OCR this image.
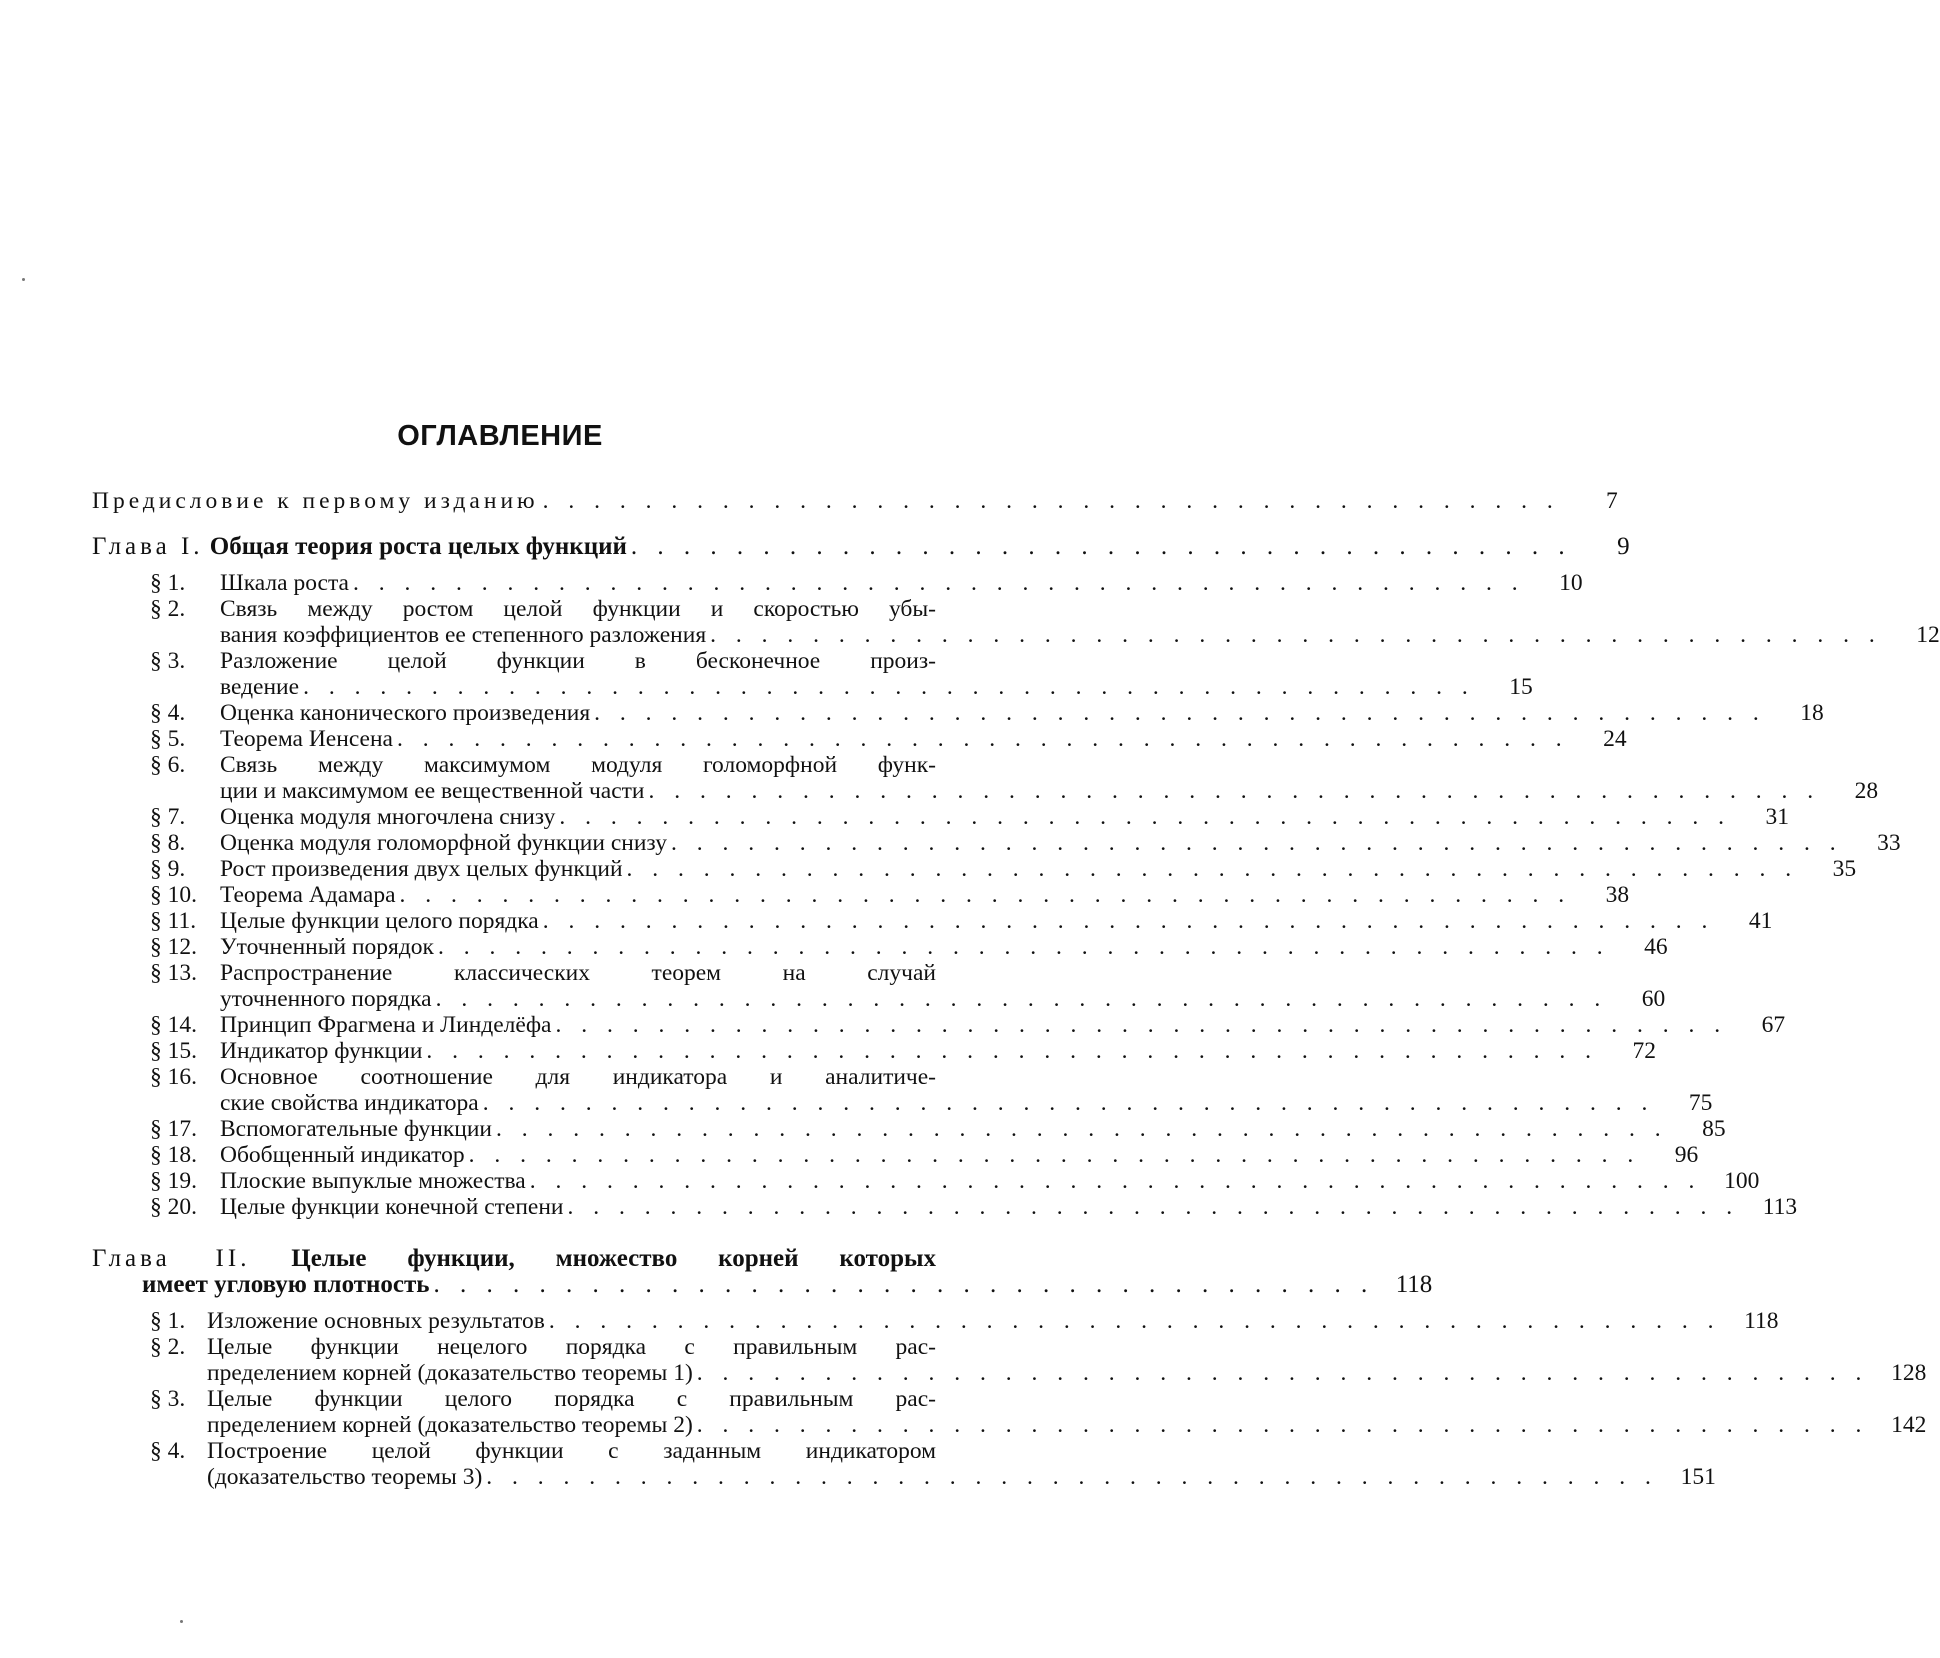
ОГЛАВЛЕНИЕ
Предисловие к первому изданию . . . . . . . . . . . . . . . . . . . . . . . . . . . . . . . . . . . . . . . .	7
Глава I. Общая теория роста целых функций . . . . . . . . . . . . . . . . . . . . . . . . . . . . . . . . . . . .	9
§ 1.	Шкала роста . . . . . . . . . . . . . . . . . . . . . . . . . . . . . . . . . . . . . . . . . . . . . .	10
§ 2.	Связь между ростом целой функции и скоростью убы-
вания коэффициентов ее степенного разложения . . . . . . . . . . . . . . . . . . . . . . . . . . . . . . . . . . . . . . . . . . . . . .	12
§ 3.	Разложение целой функции в бесконечное произ-
ведение . . . . . . . . . . . . . . . . . . . . . . . . . . . . . . . . . . . . . . . . . . . . . .	15
§ 4.	Оценка канонического произведения . . . . . . . . . . . . . . . . . . . . . . . . . . . . . . . . . . . . . . . . . . . . . .	18
§ 5.	Теорема Иенсена . . . . . . . . . . . . . . . . . . . . . . . . . . . . . . . . . . . . . . . . . . . . . .	24
§ 6.	Связь между максимумом модуля голоморфной функ-
ции и максимумом ее вещественной части . . . . . . . . . . . . . . . . . . . . . . . . . . . . . . . . . . . . . . . . . . . . . .	28
§ 7.	Оценка модуля многочлена снизу . . . . . . . . . . . . . . . . . . . . . . . . . . . . . . . . . . . . . . . . . . . . . .	31
§ 8.	Оценка модуля голоморфной функции снизу . . . . . . . . . . . . . . . . . . . . . . . . . . . . . . . . . . . . . . . . . . . . . .	33
§ 9.	Рост произведения двух целых функций . . . . . . . . . . . . . . . . . . . . . . . . . . . . . . . . . . . . . . . . . . . . . .	35
§ 10. Теорема Адамара . . . . . . . . . . . . . . . . . . . . . . . . . . . . . . . . . . . . . . . . . . . . . .	38
§ 11.	Целые функции целого порядка . . . . . . . . . . . . . . . . . . . . . . . . . . . . . . . . . . . . . . . . . . . . . .	41
§ 12. Уточненный порядок . . . . . . . . . . . . . . . . . . . . . . . . . . . . . . . . . . . . . . . . . . . . . .	46
§ 13. Распространение классических теорем на случай
уточненного порядка . . . . . . . . . . . . . . . . . . . . . . . . . . . . . . . . . . . . . . . . . . . . . .	60
§ 14. Принцип Фрагмена и Линделёфа . . . . . . . . . . . . . . . . . . . . . . . . . . . . . . . . . . . . . . . . . . . . . .	67
§ 15. Индикатор функции . . . . . . . . . . . . . . . . . . . . . . . . . . . . . . . . . . . . . . . . . . . . . .	72
§ 16. Основное соотношение для индикатора и аналитиче-
ские свойства индикатора . . . . . . . . . . . . . . . . . . . . . . . . . . . . . . . . . . . . . . . . . . . . . .	75
§ 17. Вспомогательные функции . . . . . . . . . . . . . . . . . . . . . . . . . . . . . . . . . . . . . . . . . . . . . .	85
§ 18. Обобщенный индикатор . . . . . . . . . . . . . . . . . . . . . . . . . . . . . . . . . . . . . . . . . . . . . .	96
§ 19. Плоские выпуклые множества . . . . . . . . . . . . . . . . . . . . . . . . . . . . . . . . . . . . . . . . . . . . . . 100
§ 20. Целые функции конечной степени . . . . . . . . . . . . . . . . . . . . . . . . . . . . . . . . . . . . . . . . . . . . . .	113
Глава II. Целые функции, множество корней которых
имеет угловую плотность . . . . . . . . . . . . . . . . . . . . . . . . . . . . . . . . . . . . 118
§ 1. Изложение основных результатов . . . . . . . . . . . . . . . . . . . . . . . . . . . . . . . . . . . . . . . . . . . . . .	118
§ 2. Целые функции нецелого порядка с правильным рас-
пределением корней (доказательство теоремы 1) . . . . . . . . . . . . . . . . . . . . . . . . . . . . . . . . . . . . . . . . . . . . . . 128
§ 3. Целые функции целого порядка с правильным рас-
пределением корней (доказательство теоремы 2) . . . . . . . . . . . . . . . . . . . . . . . . . . . . . . . . . . . . . . . . . . . . . . 142
§ 4. Построение целой функции с заданным индикатором
(доказательство теоремы 3) . . . . . . . . . . . . . . . . . . . . . . . . . . . . . . . . . . . . . . . . . . . . . . 151
